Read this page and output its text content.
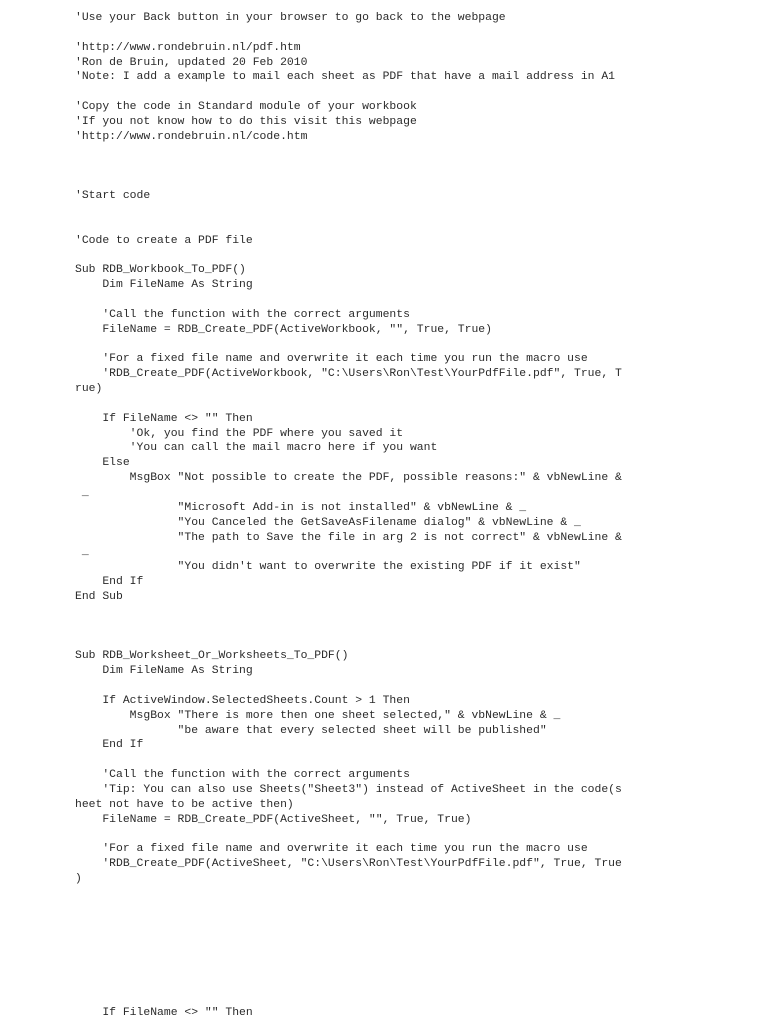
'Use your Back button in your browser to go back to the webpage
'http://www.rondebruin.nl/pdf.htm
'Ron de Bruin, updated 20 Feb 2010
'Note: I add a example to mail each sheet as PDF that have a mail address in A1
'Copy the code in Standard module of your workbook
'If you not know how to do this visit this webpage
'http://www.rondebruin.nl/code.htm
'Start code
'Code to create a PDF file
Sub RDB_Workbook_To_PDF()
Dim FileName As String
'Call the function with the correct arguments
FileName = RDB_Create_PDF(ActiveWorkbook, "", True, True)
'For a fixed file name and overwrite it each time you run the macro use
'RDB_Create_PDF(ActiveWorkbook, "C:\Users\Ron\Test\YourPdfFile.pdf", True, T
rue)
If FileName <> "" Then
'Ok, you find the PDF where you saved it
'You can call the mail macro here if you want
Else
MsgBox "Not possible to create the PDF, possible reasons:" & vbNewLine &
_
"Microsoft Add-in is not installed" & vbNewLine & _
"You Canceled the GetSaveAsFilename dialog" & vbNewLine & _
"The path to Save the file in arg 2 is not correct" & vbNewLine &
_
"You didn't want to overwrite the existing PDF if it exist"
End If
End Sub
Sub RDB_Worksheet_Or_Worksheets_To_PDF()
Dim FileName As String
If ActiveWindow.SelectedSheets.Count > 1 Then
MsgBox "There is more then one sheet selected," & vbNewLine & _
"be aware that every selected sheet will be published"
End If
'Call the function with the correct arguments
'Tip: You can also use Sheets("Sheet3") instead of ActiveSheet in the code(s
heet not have to be active then)
FileName = RDB_Create_PDF(ActiveSheet, "", True, True)
'For a fixed file name and overwrite it each time you run the macro use
'RDB_Create_PDF(ActiveSheet, "C:\Users\Ron\Test\YourPdfFile.pdf", True, True
)
If FileName <> "" Then
